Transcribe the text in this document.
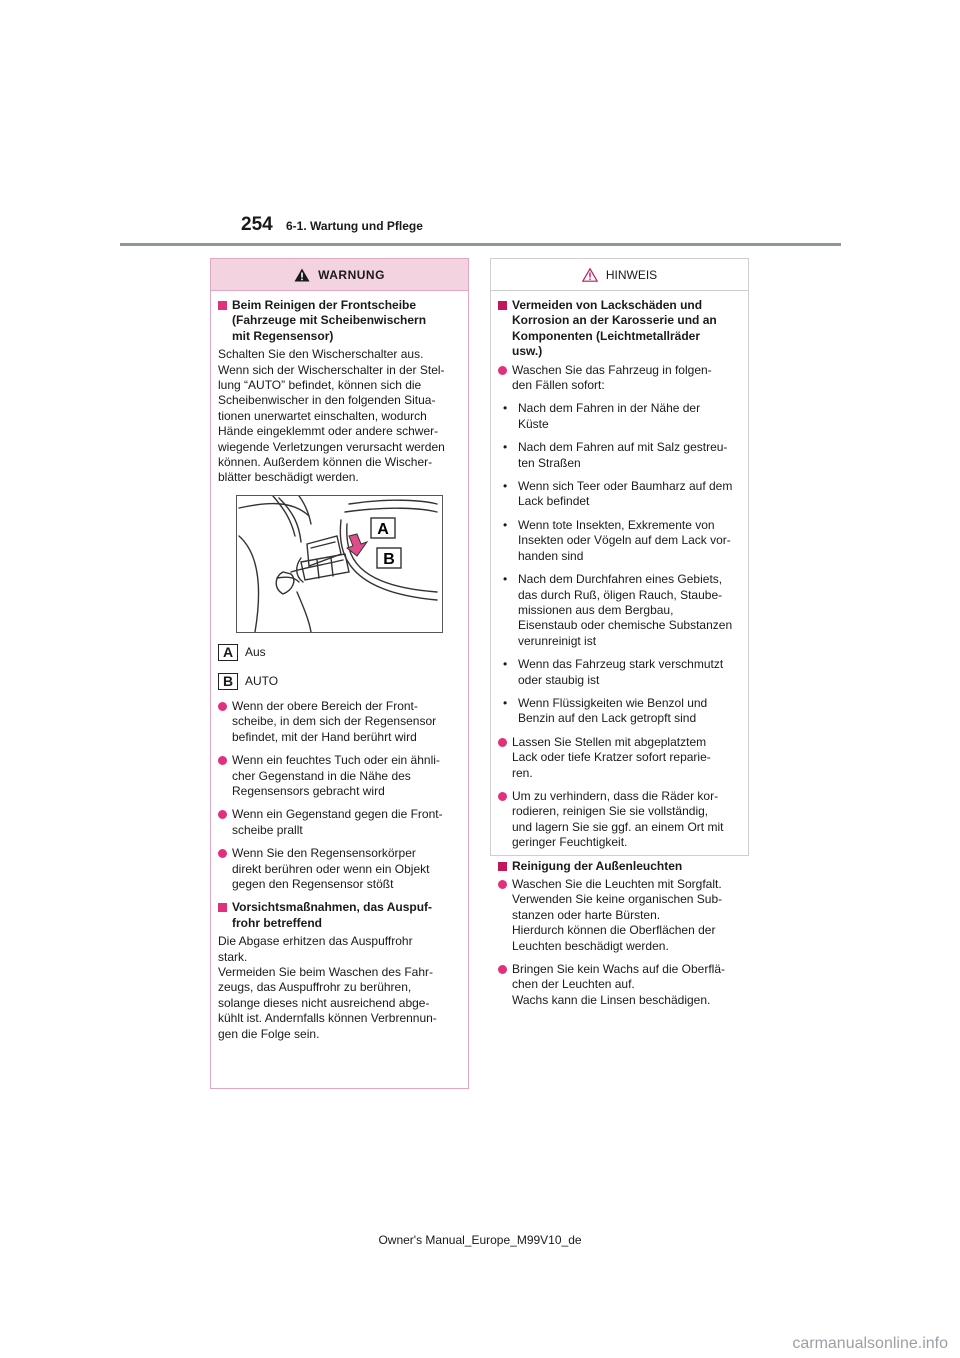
254 6-1. Wartung und Pflege
WARNUNG
Beim Reinigen der Frontscheibe
(Fahrzeuge mit Scheibenwischern
mit Regensensor)
Schalten Sie den Wischerschalter aus.
Wenn sich der Wischerschalter in der Stel-
lung “AUTO” befindet, können sich die
Scheibenwischer in den folgenden Situa-
tionen unerwartet einschalten, wodurch
Hände eingeklemmt oder andere schwer-
wiegende Verletzungen verursacht werden
können. Außerdem können die Wischer-
blätter beschädigt werden.
A
B
A Aus
B AUTO
Wenn der obere Bereich der Front-
scheibe, in dem sich der Regensensor
befindet, mit der Hand berührt wird
Wenn ein feuchtes Tuch oder ein ähnli-
cher Gegenstand in die Nähe des
Regensensors gebracht wird
Wenn ein Gegenstand gegen die Front-
scheibe prallt
Wenn Sie den Regensensorkörper
direkt berühren oder wenn ein Objekt
gegen den Regensensor stößt
Vorsichtsmaßnahmen, das Auspuf-
frohr betreffend
Die Abgase erhitzen das Auspuffrohr
stark.
Vermeiden Sie beim Waschen des Fahr-
zeugs, das Auspuffrohr zu berühren,
solange dieses nicht ausreichend abge-
kühlt ist. Andernfalls können Verbrennun-
gen die Folge sein.
HINWEIS
Vermeiden von Lackschäden und
Korrosion an der Karosserie und an
Komponenten (Leichtmetallräder
usw.)
Waschen Sie das Fahrzeug in folgen-
den Fällen sofort:
• Nach dem Fahren in der Nähe der
Küste
• Nach dem Fahren auf mit Salz gestreu-
ten Straßen
• Wenn sich Teer oder Baumharz auf dem
Lack befindet
• Wenn tote Insekten, Exkremente von
Insekten oder Vögeln auf dem Lack vor-
handen sind
• Nach dem Durchfahren eines Gebiets,
das durch Ruß, öligen Rauch, Staube-
missionen aus dem Bergbau,
Eisenstaub oder chemische Substanzen
verunreinigt ist
• Wenn das Fahrzeug stark verschmutzt
oder staubig ist
• Wenn Flüssigkeiten wie Benzol und
Benzin auf den Lack getropft sind
Lassen Sie Stellen mit abgeplatztem
Lack oder tiefe Kratzer sofort reparie-
ren.
Um zu verhindern, dass die Räder kor-
rodieren, reinigen Sie sie vollständig,
und lagern Sie sie ggf. an einem Ort mit
geringer Feuchtigkeit.
Reinigung der Außenleuchten
Waschen Sie die Leuchten mit Sorgfalt.
Verwenden Sie keine organischen Sub-
stanzen oder harte Bürsten.
Hierdurch können die Oberflächen der
Leuchten beschädigt werden.
Bringen Sie kein Wachs auf die Oberflä-
chen der Leuchten auf.
Wachs kann die Linsen beschädigen.
Owner's Manual_Europe_M99V10_de
carmanualsonline.info
